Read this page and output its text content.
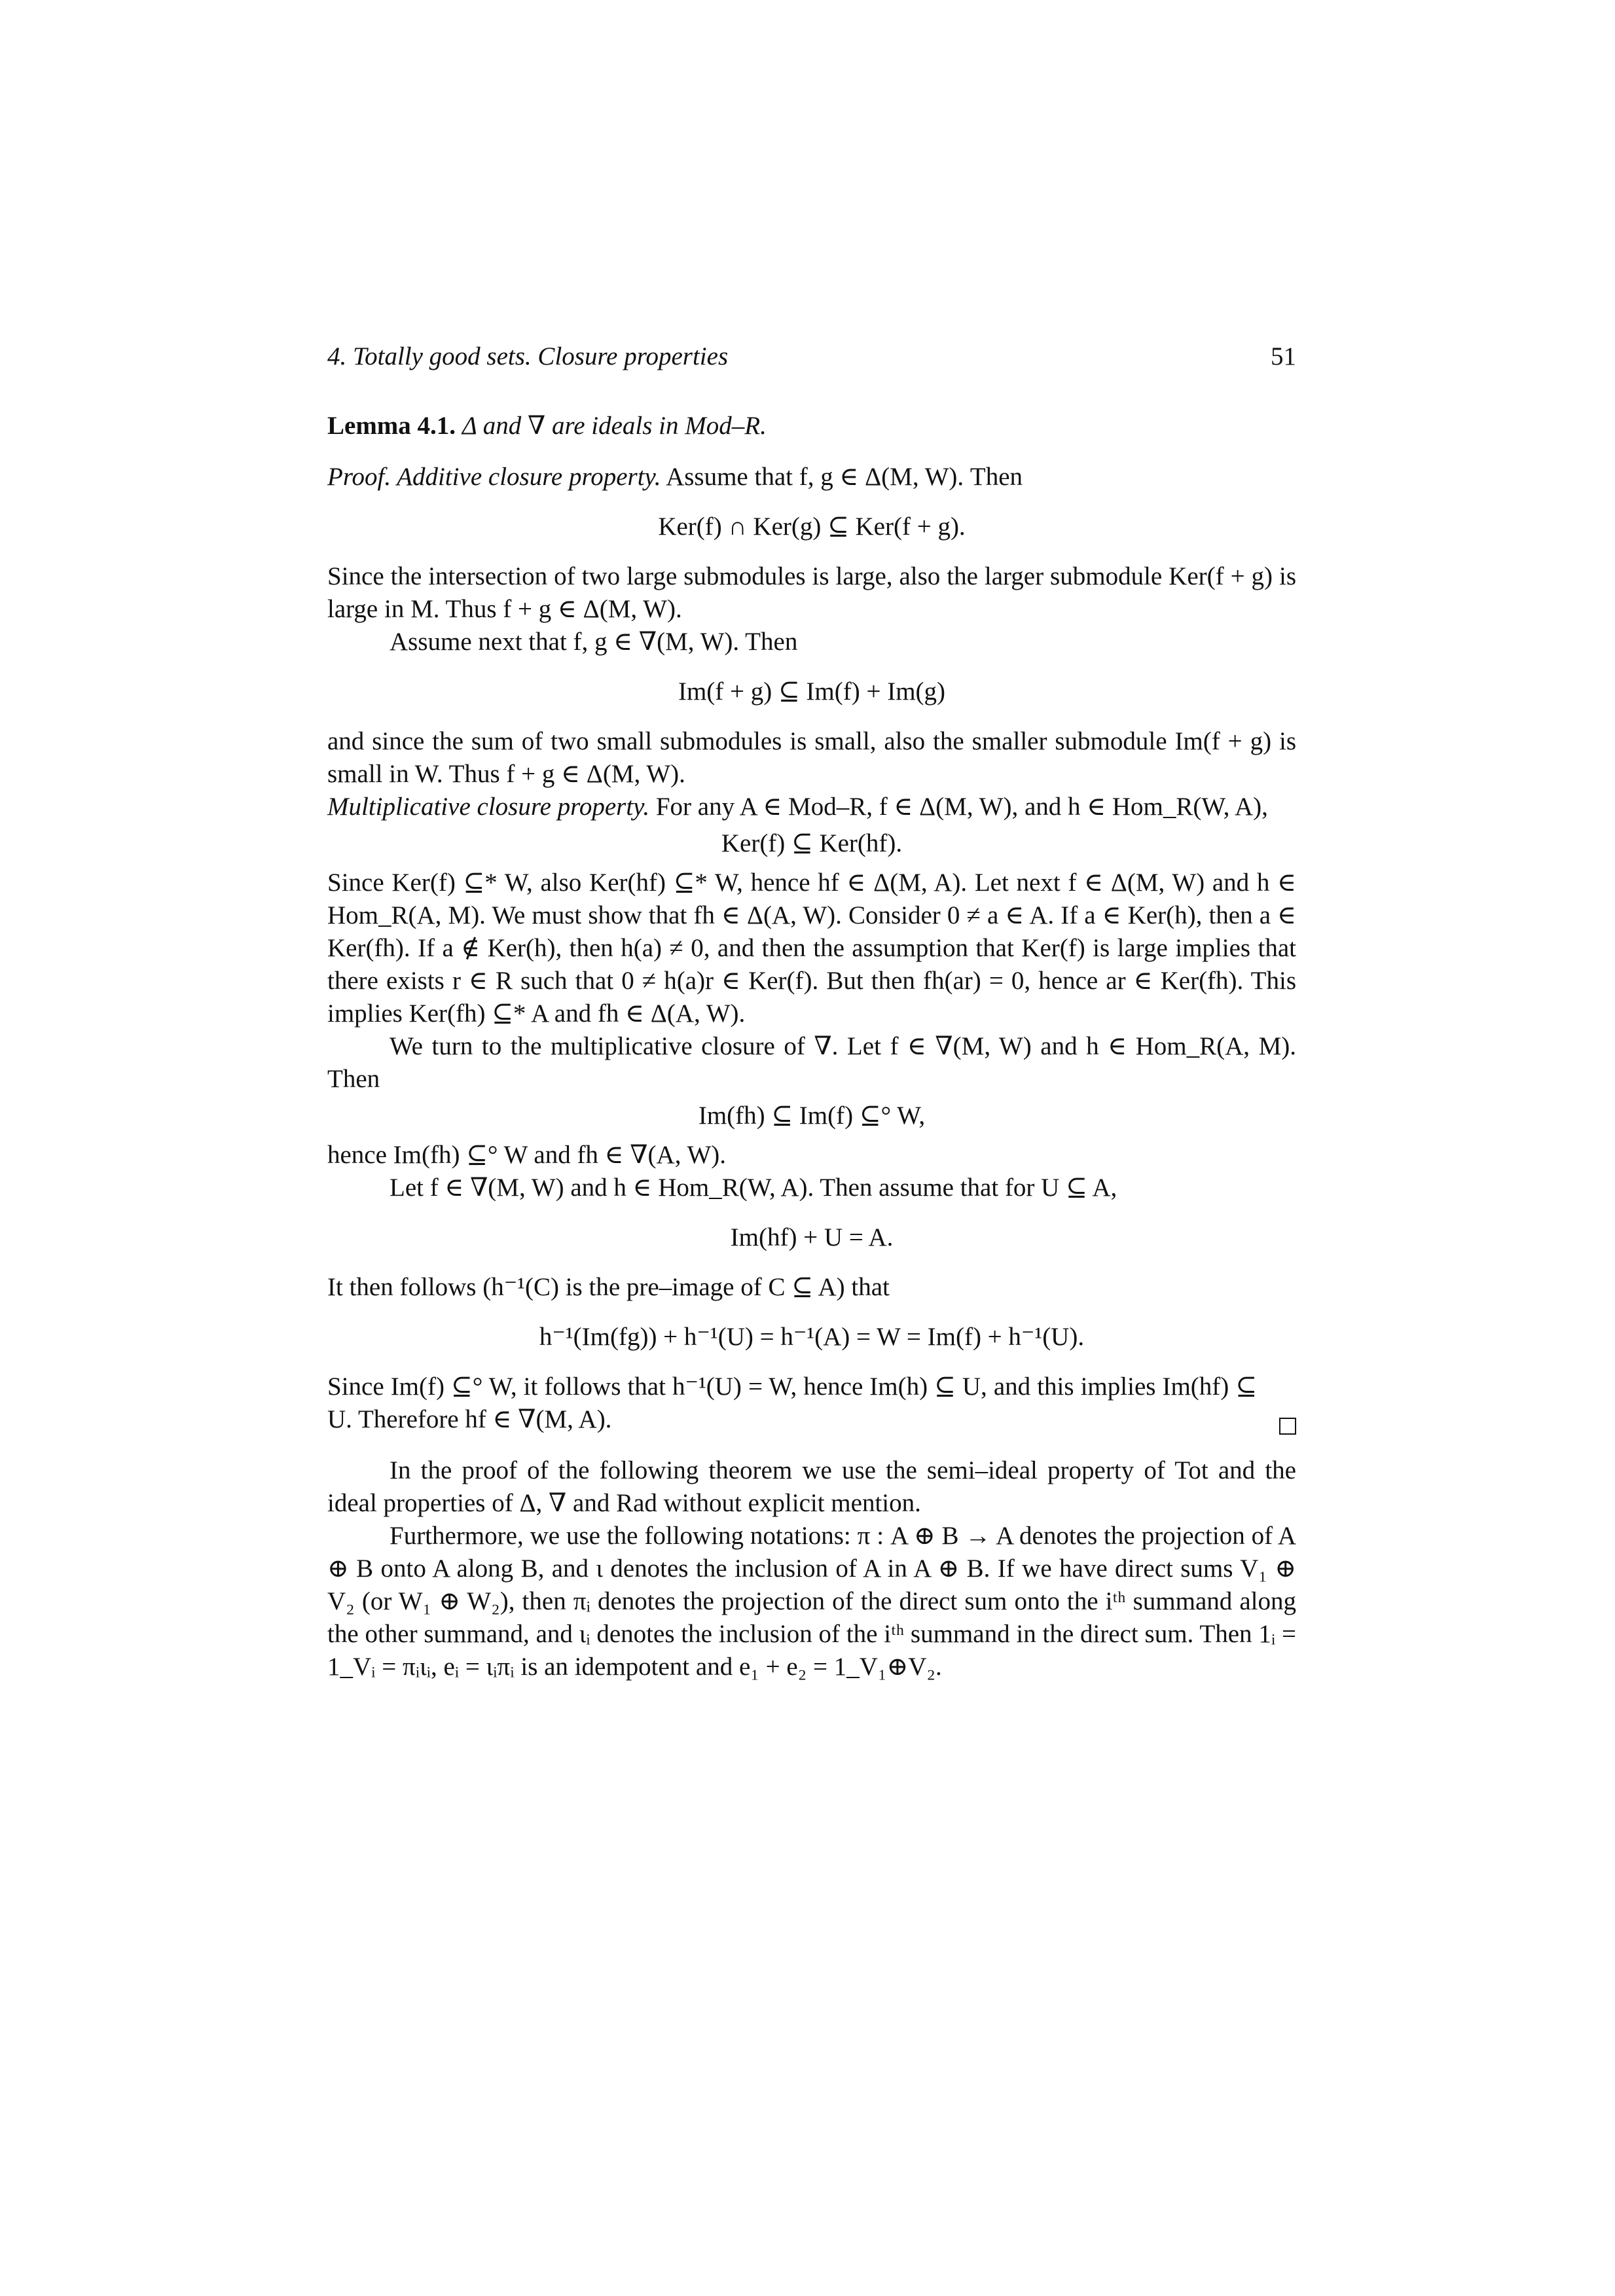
4. Totally good sets. Closure properties	51

Lemma 4.1. Δ and ∇ are ideals in Mod–R.

Proof. Additive closure property. Assume that f, g ∈ Δ(M, W). Then

Ker(f) ∩ Ker(g) ⊆ Ker(f + g).

Since the intersection of two large submodules is large, also the larger submodule Ker(f + g) is large in M. Thus f + g ∈ Δ(M, W).

Assume next that f, g ∈ ∇(M, W). Then

Im(f + g) ⊆ Im(f) + Im(g)

and since the sum of two small submodules is small, also the smaller submodule Im(f + g) is small in W. Thus f + g ∈ Δ(M, W).

Multiplicative closure property. For any A ∈ Mod–R, f ∈ Δ(M, W), and h ∈ Hom_R(W, A),

Ker(f) ⊆ Ker(hf).

Since Ker(f) ⊆* W, also Ker(hf) ⊆* W, hence hf ∈ Δ(M, A). Let next f ∈ Δ(M, W) and h ∈ Hom_R(A, M). We must show that fh ∈ Δ(A, W). Consider 0 ≠ a ∈ A. If a ∈ Ker(h), then a ∈ Ker(fh). If a ∉ Ker(h), then h(a) ≠ 0, and then the assumption that Ker(f) is large implies that there exists r ∈ R such that 0 ≠ h(a)r ∈ Ker(f). But then fh(ar) = 0, hence ar ∈ Ker(fh). This implies Ker(fh) ⊆* A and fh ∈ Δ(A, W).

We turn to the multiplicative closure of ∇. Let f ∈ ∇(M, W) and h ∈ Hom_R(A, M). Then

Im(fh) ⊆ Im(f) ⊆° W,

hence Im(fh) ⊆° W and fh ∈ ∇(A, W).

Let f ∈ ∇(M, W) and h ∈ Hom_R(W, A). Then assume that for U ⊆ A,

Im(hf) + U = A.

It then follows (h⁻¹(C) is the pre–image of C ⊆ A) that

h⁻¹(Im(fg)) + h⁻¹(U) = h⁻¹(A) = W = Im(f) + h⁻¹(U).

Since Im(f) ⊆° W, it follows that h⁻¹(U) = W, hence Im(h) ⊆ U, and this implies Im(hf) ⊆ U. Therefore hf ∈ ∇(M, A).

In the proof of the following theorem we use the semi–ideal property of Tot and the ideal properties of Δ, ∇ and Rad without explicit mention.

Furthermore, we use the following notations: π : A ⊕ B → A denotes the projection of A ⊕ B onto A along B, and ι denotes the inclusion of A in A ⊕ B. If we have direct sums V₁ ⊕ V₂ (or W₁ ⊕ W₂), then πᵢ denotes the projection of the direct sum onto the iᵗʰ summand along the other summand, and ιᵢ denotes the inclusion of the iᵗʰ summand in the direct sum. Then 1ᵢ = 1_Vᵢ = πᵢιᵢ, eᵢ = ιᵢπᵢ is an idempotent and e₁ + e₂ = 1_V₁⊕V₂.
